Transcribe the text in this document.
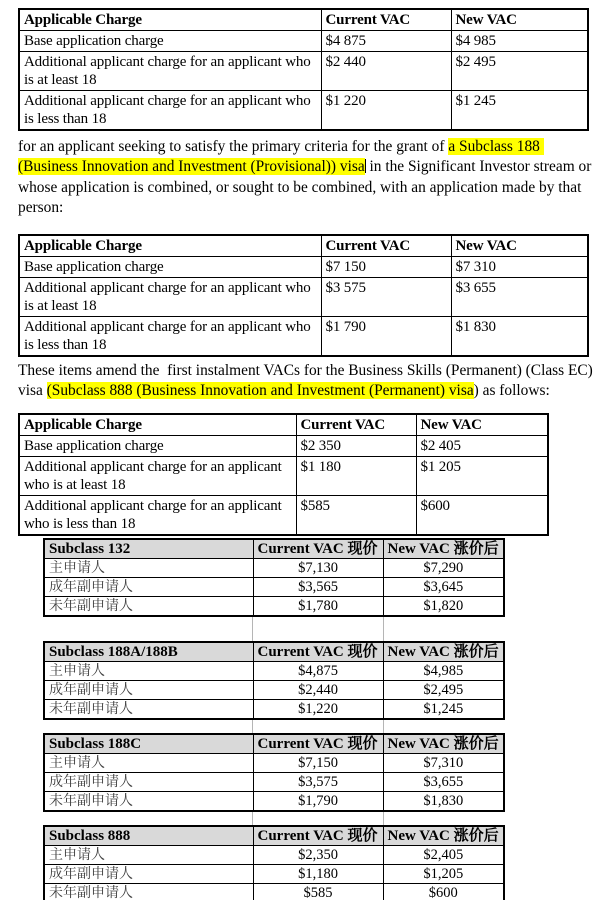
Applicable Charge	Current VAC	New VAC
Base application charge	$4 875	$4 985
Additional applicant charge for an applicant who is at least 18	$2 440	$2 495
Additional applicant charge for an applicant who is less than 18	$1 220	$1 245

for an applicant seeking to satisfy the primary criteria for the grant of a Subclass 188 (Business Innovation and Investment (Provisional)) visa in the Significant Investor stream or whose application is combined, or sought to be combined, with an application made by that person:

Applicable Charge	Current VAC	New VAC
Base application charge	$7 150	$7 310
Additional applicant charge for an applicant who is at least 18	$3 575	$3 655
Additional applicant charge for an applicant who is less than 18	$1 790	$1 830

These items amend the  first instalment VACs for the Business Skills (Permanent) (Class EC) visa (Subclass 888 (Business Innovation and Investment (Permanent) visa) as follows:

Applicable Charge	Current VAC	New VAC
Base application charge	$2 350	$2 405
Additional applicant charge for an applicant who is at least 18	$1 180	$1 205
Additional applicant charge for an applicant who is less than 18	$585	$600
Subclass 132	Current VAC 现价	New VAC 涨价后
主申请人	$7,130	$7,290
成年副申请人	$3,565	$3,645
未年副申请人	$1,780	$1,820
Subclass 188A/188B	Current VAC 现价	New VAC 涨价后
主申请人	$4,875	$4,985
成年副申请人	$2,440	$2,495
未年副申请人	$1,220	$1,245
Subclass 188C	Current VAC 现价	New VAC 涨价后
主申请人	$7,150	$7,310
成年副申请人	$3,575	$3,655
未年副申请人	$1,790	$1,830
Subclass 888	Current VAC 现价	New VAC 涨价后
主申请人	$2,350	$2,405
成年副申请人	$1,180	$1,205
未年副申请人	$585	$600
